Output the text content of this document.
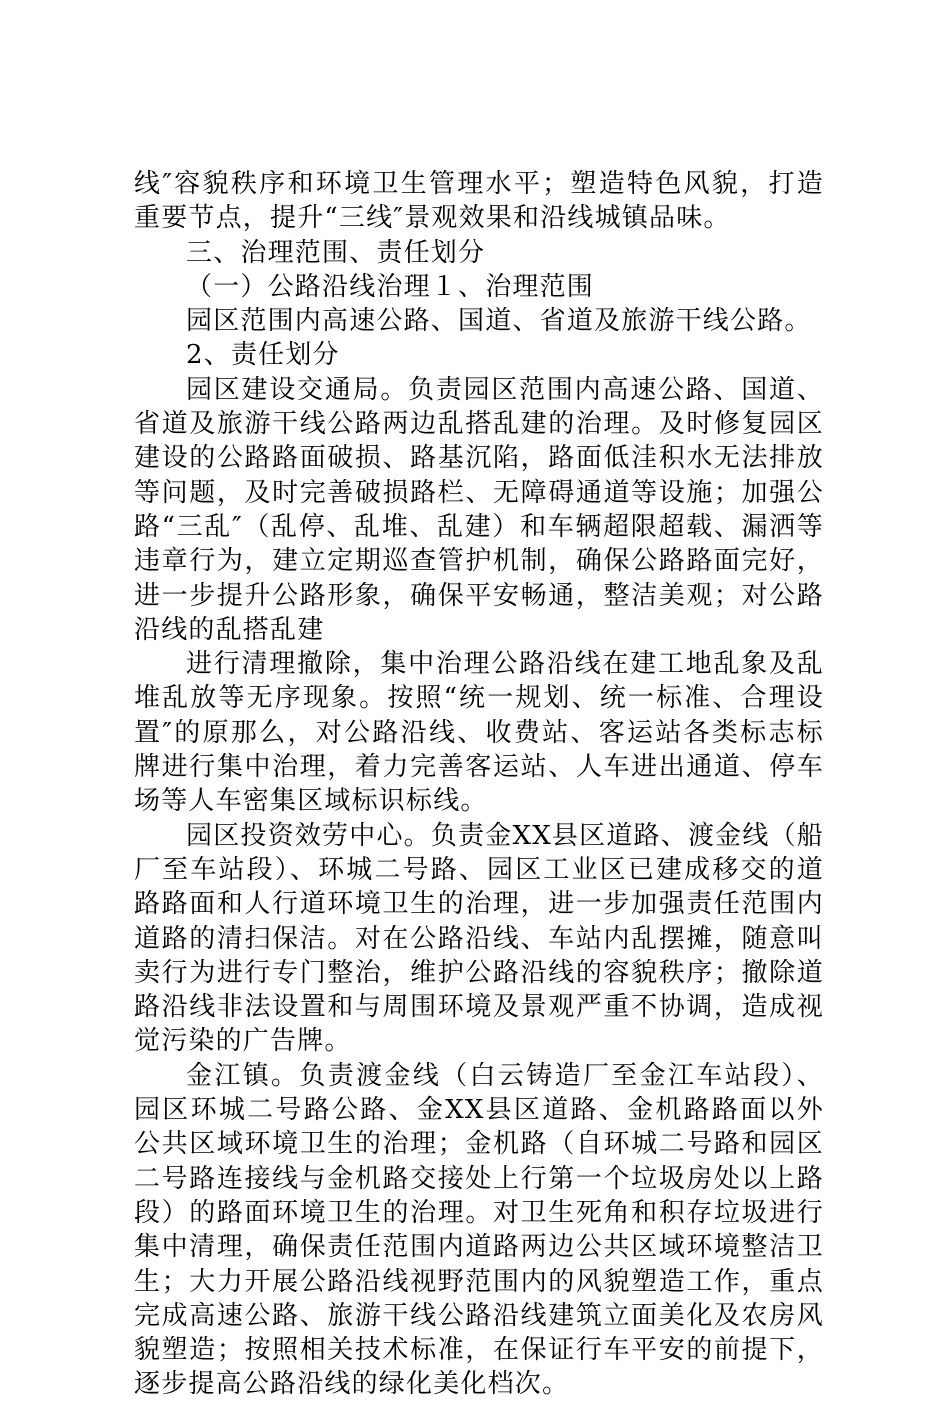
线″容貌秩序和环境卫生管理水平；塑造特色风貌，打造重要节点，提升“三线″景观效果和沿线城镇品味。

三、治理范围、责任划分

（一）公路沿线治理１、治理范围

园区范围内高速公路、国道、省道及旅游干线公路。

2、责任划分

园区建设交通局。负责园区范围内高速公路、国道、省道及旅游干线公路两边乱搭乱建的治理。及时修复园区建设的公路路面破损、路基沉陷，路面低洼积水无法排放等问题，及时完善破损路栏、无障碍通道等设施；加强公路“三乱″（乱停、乱堆、乱建）和车辆超限超载、漏洒等违章行为，建立定期巡查管护机制，确保公路路面完好，进一步提升公路形象，确保平安畅通，整洁美观；对公路沿线的乱搭乱建

进行清理撤除，集中治理公路沿线在建工地乱象及乱堆乱放等无序现象。按照“统一规划、统一标准、合理设置″的原那么，对公路沿线、收费站、客运站各类标志标牌进行集中治理，着力完善客运站、人车进出通道、停车场等人车密集区域标识标线。

园区投资效劳中心。负责金XX县区道路、渡金线（船厂至车站段）、环城二号路、园区工业区已建成移交的道路路面和人行道环境卫生的治理，进一步加强责任范围内道路的清扫保洁。对在公路沿线、车站内乱摆摊，随意叫卖行为进行专门整治，维护公路沿线的容貌秩序；撤除道路沿线非法设置和与周围环境及景观严重不协调，造成视觉污染的广告牌。

金江镇。负责渡金线（白云铸造厂至金江车站段）、园区环城二号路公路、金XX县区道路、金机路路面以外公共区域环境卫生的治理；金机路（自环城二号路和园区二号路连接线与金机路交接处上行第一个垃圾房处以上路段）的路面环境卫生的治理。对卫生死角和积存垃圾进行集中清理，确保责任范围内道路两边公共区域环境整洁卫生；大力开展公路沿线视野范围内的风貌塑造工作，重点完成高速公路、旅游干线公路沿线建筑立面美化及农房风貌塑造；按照相关技术标准，在保证行车平安的前提下，逐步提高公路沿线的绿化美化档次。
